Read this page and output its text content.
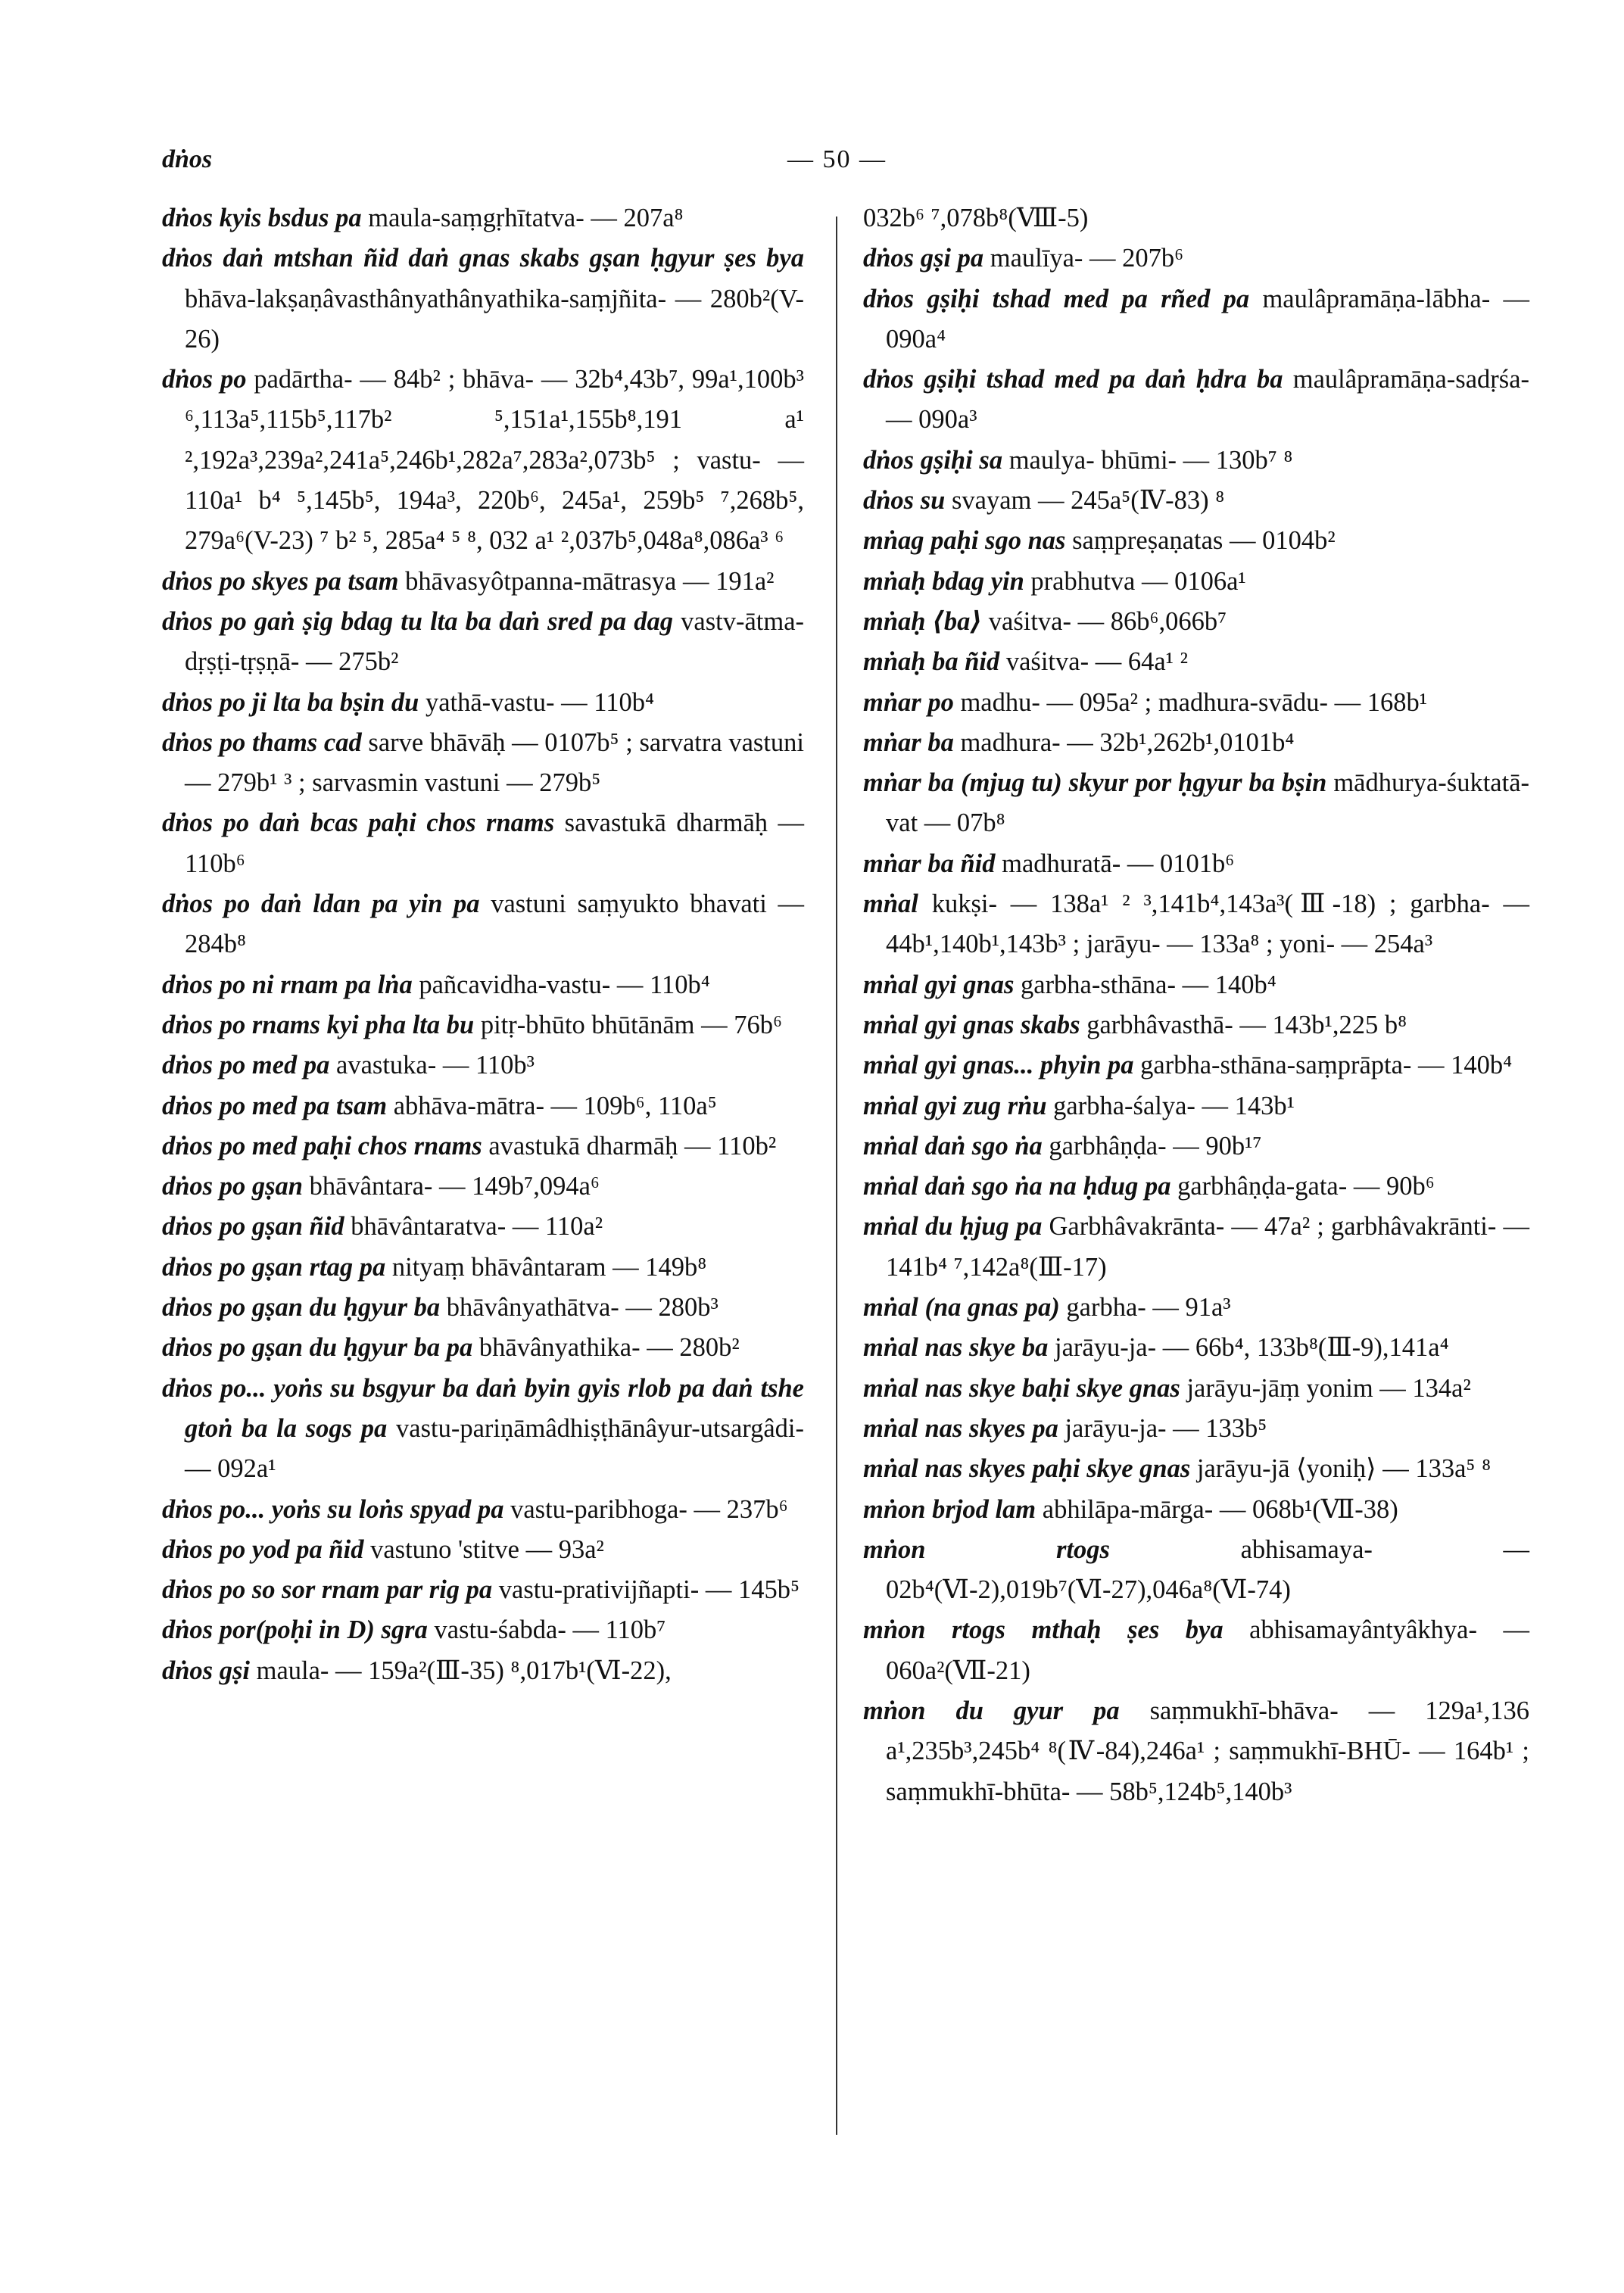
dṅos	— 50 —

dṅos kyis bsdus pa maula-saṃgṛhītatva- — 207a⁸

dṅos daṅ mtshan ñid daṅ gnas skabs gṣan ḥgyur ṣes bya bhāva-lakṣaṇâvasthânyathânyathika-saṃjñita- — 280b²(V-26)

dṅos po padārtha- — 84b² ; bhāva- — 32b⁴,43b⁷, 99a¹,100b³ ⁶,113a⁵,115b⁵,117b² ⁵,151a¹,155b⁸,191 a¹ ²,192a³,239a²,241a⁵,246b¹,282a⁷,283a²,073b⁵ ; vastu- — 110a¹ b⁴ ⁵,145b⁵, 194a³, 220b⁶, 245a¹, 259b⁵ ⁷,268b⁵, 279a⁶(V-23) ⁷ b² ⁵, 285a⁴ ⁵ ⁸, 032 a¹ ²,037b⁵,048a⁸,086a³ ⁶

dṅos po skyes pa tsam bhāvasyôtpanna-mātrasya — 191a²

dṅos po gaṅ ṣig bdag tu lta ba daṅ sred pa dag vastv-ātma-dṛṣṭi-tṛṣṇā- — 275b²

dṅos po ji lta ba bṣin du yathā-vastu- — 110b⁴

dṅos po thams cad sarve bhāvāḥ — 0107b⁵ ; sarvatra vastuni — 279b¹ ³ ; sarvasmin vastuni — 279b⁵

dṅos po daṅ bcas paḥi chos rnams savastukā dharmāḥ — 110b⁶

dṅos po daṅ ldan pa yin pa vastuni saṃyukto bhavati — 284b⁸

dṅos po ni rnam pa lṅa pañcavidha-vastu- — 110b⁴

dṅos po rnams kyi pha lta bu pitṛ-bhūto bhūtānām — 76b⁶

dṅos po med pa avastuka- — 110b³

dṅos po med pa tsam abhāva-mātra- — 109b⁶, 110a⁵

dṅos po med paḥi chos rnams avastukā dharmāḥ — 110b²

dṅos po gṣan bhāvântara- — 149b⁷,094a⁶

dṅos po gṣan ñid bhāvântaratva- — 110a²

dṅos po gṣan rtag pa nityaṃ bhāvântaram — 149b⁸

dṅos po gṣan du ḥgyur ba bhāvânyathātva- — 280b³

dṅos po gṣan du ḥgyur ba pa bhāvânyathika- — 280b²

dṅos po... yoṅs su bsgyur ba daṅ byin gyis rlob pa daṅ tshe gtoṅ ba la sogs pa vastu-pariṇāmâdhiṣṭhānâyur-utsargâdi- — 092a¹

dṅos po... yoṅs su loṅs spyad pa vastu-paribhoga- — 237b⁶

dṅos po yod pa ñid vastuno 'stitve — 93a²

dṅos po so sor rnam par rig pa vastu-prativijñapti- — 145b⁵

dṅos por(poḥi in D) sgra vastu-śabda- — 110b⁷

dṅos gṣi maula- — 159a²(Ⅲ-35) ⁸,017b¹(Ⅵ-22),

032b⁶ ⁷,078b⁸(Ⅷ-5)

dṅos gṣi pa maulīya- — 207b⁶

dṅos gṣiḥi tshad med pa rñed pa maulâpramāṇa-lābha- — 090a⁴

dṅos gṣiḥi tshad med pa daṅ ḥdra ba maulâpramāṇa-sadṛśa- — 090a³

dṅos gṣiḥi sa maulya- bhūmi- — 130b⁷ ⁸

dṅos su svayam — 245a⁵(Ⅳ-83) ⁸

mṅag paḥi sgo nas saṃpreṣaṇatas — 0104b²

mṅaḥ bdag yin prabhutva — 0106a¹

mṅaḥ ⟨ba⟩ vaśitva- — 86b⁶,066b⁷

mṅaḥ ba ñid vaśitva- — 64a¹ ²

mṅar po madhu- — 095a² ; madhura-svādu- — 168b¹

mṅar ba madhura- — 32b¹,262b¹,0101b⁴

mṅar ba (mjug tu) skyur por ḥgyur ba bṣin mādhurya-śuktatā-vat — 07b⁸

mṅar ba ñid madhuratā- — 0101b⁶

mṅal kukṣi- — 138a¹ ² ³,141b⁴,143a³(Ⅲ-18) ; garbha- — 44b¹,140b¹,143b³ ; jarāyu- — 133a⁸ ; yoni- — 254a³

mṅal gyi gnas garbha-sthāna- — 140b⁴

mṅal gyi gnas skabs garbhâvasthā- — 143b¹,225 b⁸

mṅal gyi gnas... phyin pa garbha-sthāna-saṃprāpta- — 140b⁴

mṅal gyi zug rṅu garbha-śalya- — 143b¹

mṅal daṅ sgo ṅa garbhâṇḍa- — 90b¹⁷

mṅal daṅ sgo ṅa na ḥdug pa garbhâṇḍa-gata- — 90b⁶

mṅal du ḥjug pa Garbhâvakrānta- — 47a² ; garbhâvakrānti- — 141b⁴ ⁷,142a⁸(Ⅲ-17)

mṅal (na gnas pa) garbha- — 91a³

mṅal nas skye ba jarāyu-ja- — 66b⁴, 133b⁸(Ⅲ-9),141a⁴

mṅal nas skye baḥi skye gnas jarāyu-jāṃ yonim — 134a²

mṅal nas skyes pa jarāyu-ja- — 133b⁵

mṅal nas skyes paḥi skye gnas jarāyu-jā ⟨yoniḥ⟩ — 133a⁵ ⁸

mṅon brjod lam abhilāpa-mārga- — 068b¹(Ⅶ-38)

mṅon rtogs	abhisamaya- — 02b⁴(Ⅵ-2),019b⁷(Ⅵ-27),046a⁸(Ⅵ-74)

mṅon rtogs mthaḥ ṣes bya abhisamayântyâkhya- — 060a²(Ⅶ-21)

mṅon du gyur pa saṃmukhī-bhāva- — 129a¹,136 a¹,235b³,245b⁴ ⁸(Ⅳ-84),246a¹ ; saṃmukhī-BHŪ- — 164b¹ ; saṃmukhī-bhūta- — 58b⁵,124b⁵,140b³
